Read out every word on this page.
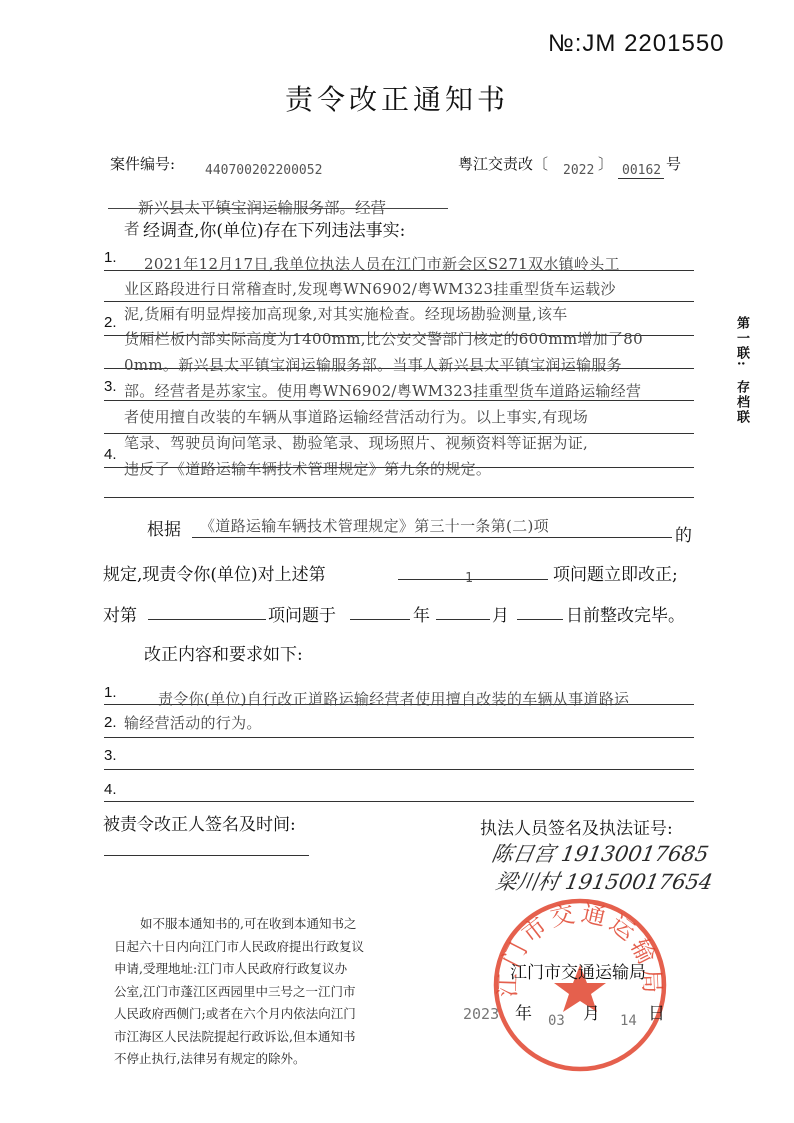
№:JM 2201550
责令改正通知书
案件编号: 440700202200052	粤江交责改〔 2022 〕 00162 号
新兴县太平镇宝润运输服务部。经营
者 经调查,你(单位)存在下列违法事实:
1.
2.
3.
4.
2021年12月17日,我单位执法人员在江门市新会区S271双水镇岭头工
业区路段进行日常稽查时,发现粤WN6902/粤WM323挂重型货车运载沙
泥,货厢有明显焊接加高现象,对其实施检查。经现场勘验测量,该车
货厢栏板内部实际高度为1400mm,比公安交警部门核定的600mm增加了80
0mm。新兴县太平镇宝润运输服务部。当事人新兴县太平镇宝润运输服务
部。经营者是苏家宝。使用粤WN6902/粤WM323挂重型货车道路运输经营
者使用擅自改装的车辆从事道路运输经营活动行为。以上事实,有现场
笔录、驾驶员询问笔录、勘验笔录、现场照片、视频资料等证据为证,
违反了《道路运输车辆技术管理规定》第九条的规定。
第一联:
存档联
根据 《道路运输车辆技术管理规定》第三十一条第(二)项	的
规定,现责令你(单位)对上述第	1	项问题立即改正;
对第	项问题于	年	月	日前整改完毕。
改正内容和要求如下:
1.
2.
3.
4.
责令你(单位)自行改正道路运输经营者使用擅自改装的车辆从事道路运
输经营活动的行为。
被责令改正人签名及时间:	执法人员签名及执法证号:
陈日宫 19130017685
梁川村 19150017654
如不服本通知书的,可在收到本通知书之
日起六十日内向江门市人民政府提出行政复议
申请,受理地址:江门市人民政府行政复议办
公室,江门市蓬江区西园里中三号之一江门市
人民政府西侧门;或者在六个月内依法向江门
市江海区人民法院提起行政诉讼,但本通知书
不停止执行,法律另有规定的除外。
江门市交通运输局
江门市交通运输局
2023 年 03 月 14 日
